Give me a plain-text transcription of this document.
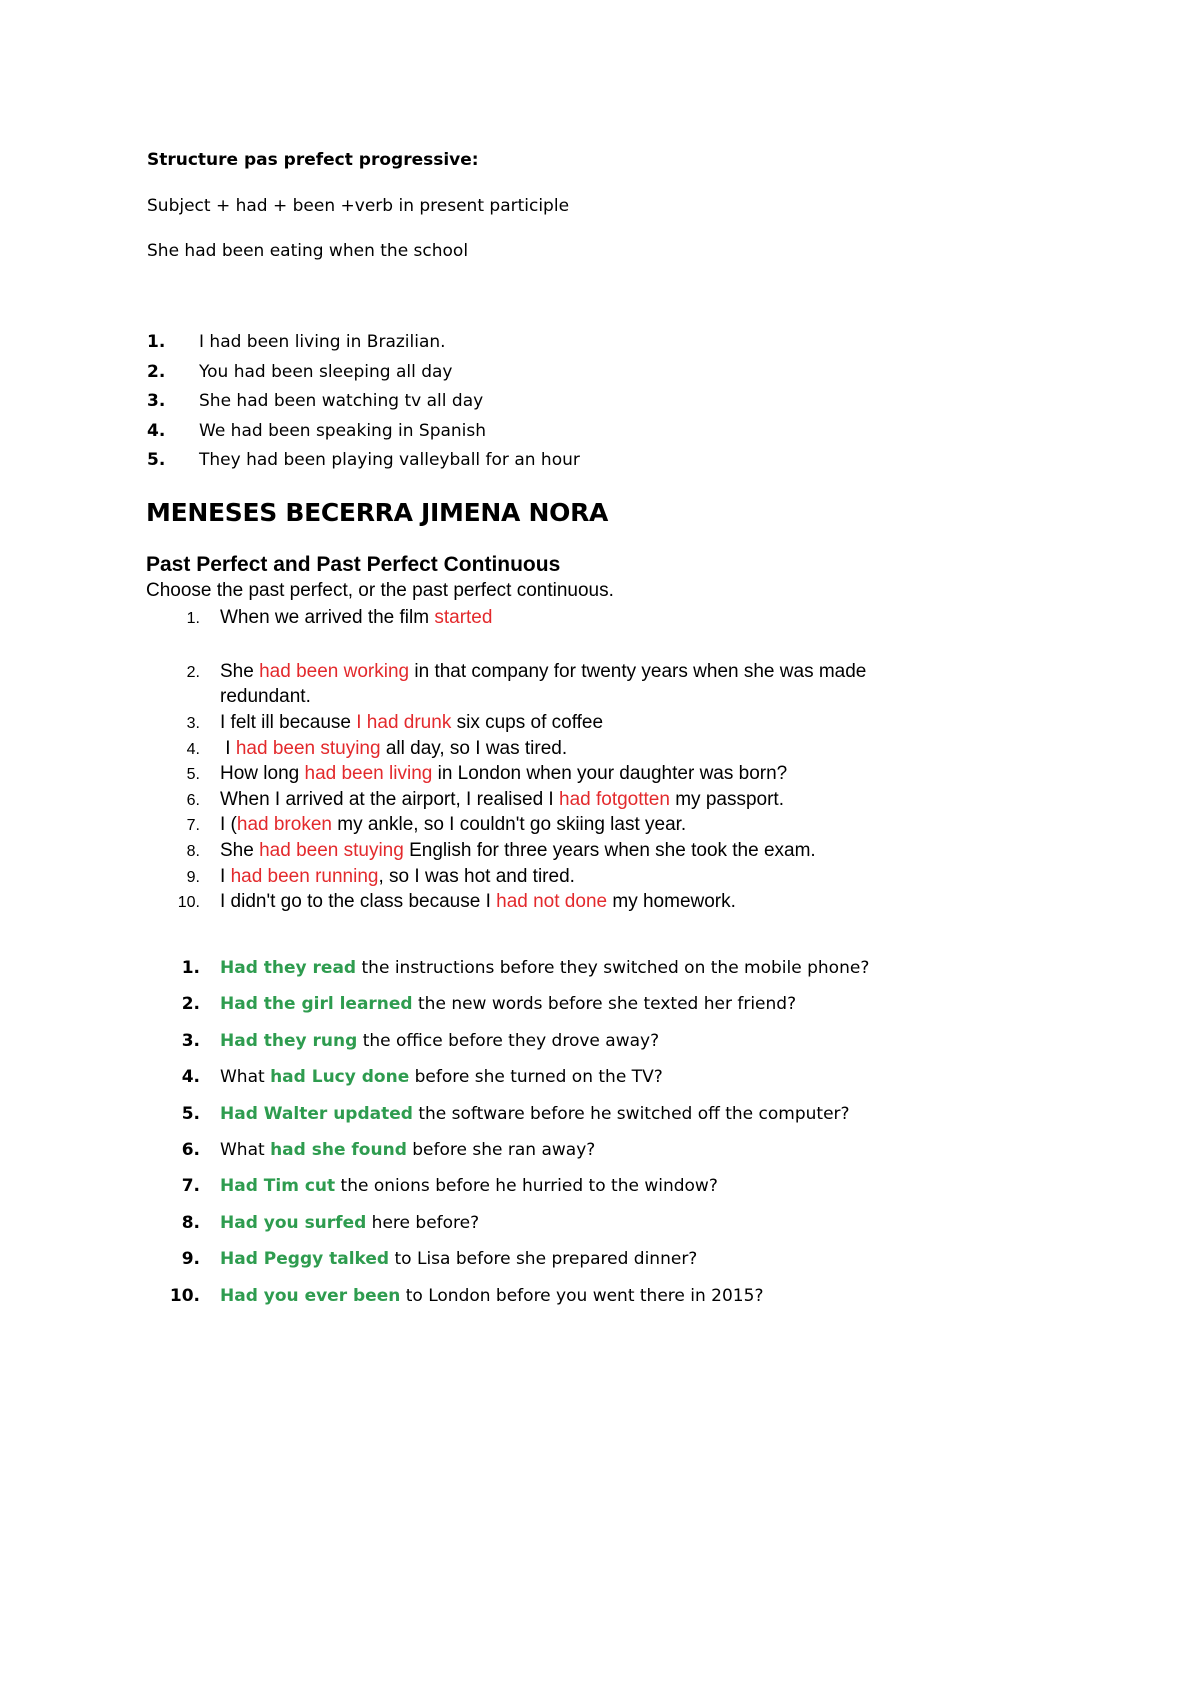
Structure pas prefect progressive:
Subject + had + been +verb in present participle
She had been eating when the school
1. I had been living in Brazilian.
2. You had been sleeping all day
3. She had been watching tv all day
4. We had been speaking in Spanish
5. They had been playing valleyball for an hour
MENESES BECERRA JIMENA NORA
Past Perfect and Past Perfect Continuous
Choose the past perfect, or the past perfect continuous.
1. When we arrived the film started
2. She had been working in that company for twenty years when she was made
redundant.
3. I felt ill because I had drunk six cups of coffee
4. I had been stuying all day, so I was tired.
5. How long had been living in London when your daughter was born?
6. When I arrived at the airport, I realised I had fotgotten my passport.
7. I (had broken my ankle, so I couldn't go skiing last year.
8. She had been stuying English for three years when she took the exam.
9. I had been running, so I was hot and tired.
10. I didn't go to the class because I had not done my homework.
1. Had they read the instructions before they switched on the mobile phone?
2. Had the girl learned the new words before she texted her friend?
3. Had they rung the office before they drove away?
4. What had Lucy done before she turned on the TV?
5. Had Walter updated the software before he switched off the computer?
6. What had she found before she ran away?
7. Had Tim cut the onions before he hurried to the window?
8. Had you surfed here before?
9. Had Peggy talked to Lisa before she prepared dinner?
10. Had you ever been to London before you went there in 2015?
